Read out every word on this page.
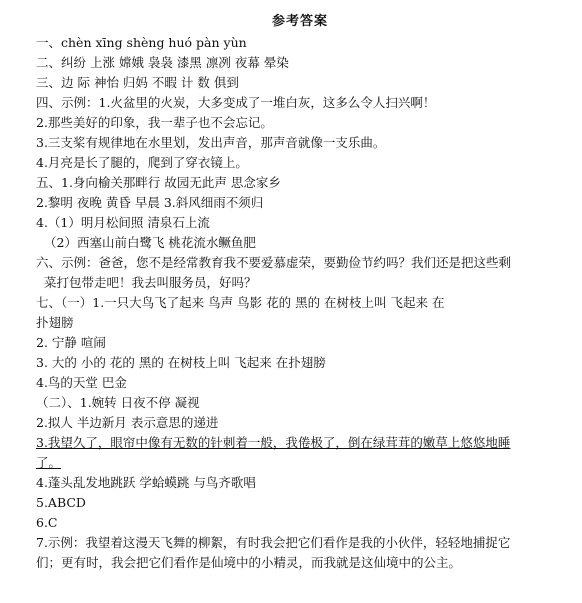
参考答案
一、chèn xīng shèng huó pàn yùn
二、纠纷 上涨 嫦娥 袅袅 漆黑 凛冽 夜幕 晕染
三、边 际 神怡 归妈 不暇 计 数 俱到
四、示例：1.火盆里的火炭，大多变成了一堆白灰，这多么令人扫兴啊！
2.那些美好的印象，我一辈子也不会忘记。
3.三支桨有规律地在水里划，发出声音，那声音就像一支乐曲。
4.月亮是长了腿的，爬到了穿衣镜上。
五、1.身向榆关那畔行 故园无此声 思念家乡
2.黎明 夜晚 黄昏 早晨 3.斜风细雨不须归
4.（1）明月松间照 清泉石上流
（2）西塞山前白鹭飞 桃花流水鳜鱼肥
六、示例：爸爸，您不是经常教育我不要爱慕虚荣，要勤俭节约吗？我们还是把这些剩
菜打包带走吧！我去叫服务员，好吗？
七、（一）1.一只大鸟飞了起来 鸟声 鸟影 花的 黑的 在树枝上叫 飞起来 在
扑翅膀
2. 宁静 喧闹
3. 大的 小的 花的 黑的 在树枝上叫 飞起来 在扑翅膀
4.鸟的天堂 巴金
（二）、1.婉转 日夜不停 凝视
2.拟人 半边新月 表示意思的递进
3.我望久了，眼帘中像有无数的针刺着一般，我倦极了，倒在绿茸茸的嫩草上悠悠地睡
了。
4.蓬头乱发地跳跃 学蛤蟆跳 与鸟齐歌唱
5.ABCD
6.C
7.示例：我望着这漫天飞舞的柳絮，有时我会把它们看作是我的小伙伴，轻轻地捕捉它
们；更有时，我会把它们看作是仙境中的小精灵，而我就是这仙境中的公主。
